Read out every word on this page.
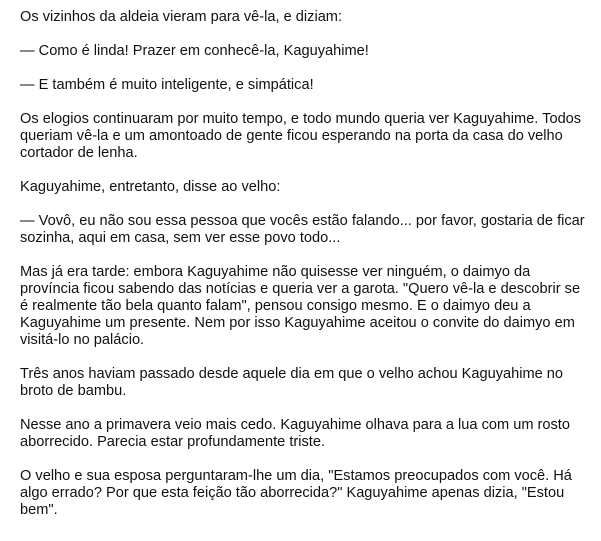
Os vizinhos da aldeia vieram para vê-la, e diziam:

— Como é linda! Prazer em conhecê-la, Kaguyahime!

— E também é muito inteligente, e simpática!

Os elogios continuaram por muito tempo, e todo mundo queria ver Kaguyahime. Todos queriam vê-la e um amontoado de gente ficou esperando na porta da casa do velho cortador de lenha.

Kaguyahime, entretanto, disse ao velho:

— Vovô, eu não sou essa pessoa que vocês estão falando... por favor, gostaria de ficar sozinha, aqui em casa, sem ver esse povo todo...

Mas já era tarde: embora Kaguyahime não quisesse ver ninguém, o daimyo da província ficou sabendo das notícias e queria ver a garota. "Quero vê-la e descobrir se é realmente tão bela quanto falam", pensou consigo mesmo. E o daimyo deu a Kaguyahime um presente. Nem por isso Kaguyahime aceitou o convite do daimyo em visitá-lo no palácio.

Três anos haviam passado desde aquele dia em que o velho achou Kaguyahime no broto de bambu.

Nesse ano a primavera veio mais cedo. Kaguyahime olhava para a lua com um rosto aborrecido. Parecia estar profundamente triste.

O velho e sua esposa perguntaram-lhe um dia, "Estamos preocupados com você. Há algo errado? Por que esta feição tão aborrecida?" Kaguyahime apenas dizia, "Estou bem".
